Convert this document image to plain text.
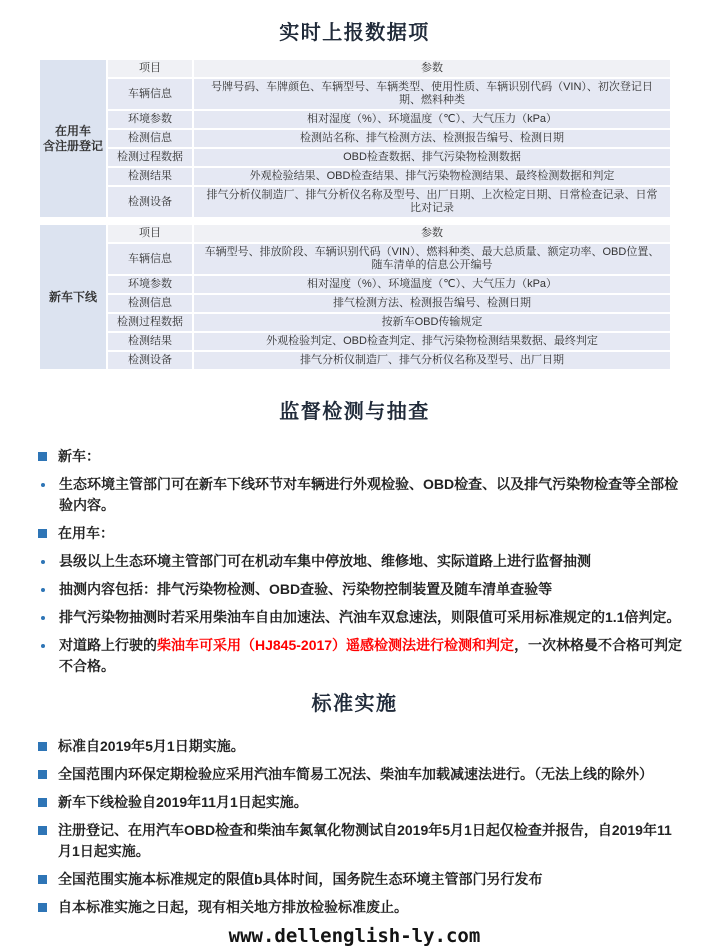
实时上报数据项
在用车
含注册登记	项目	参数
	车辆信息	号牌号码、车牌颜色、车辆型号、车辆类型、使用性质、车辆识别代码（VIN）、初次登记日期、燃料种类
	环境参数	相对湿度（%）、环境温度（℃）、大气压力（kPa）
	检测信息	检测站名称、排气检测方法、检测报告编号、检测日期
	检测过程数据	OBD检查数据、排气污染物检测数据
	检测结果	外观检验结果、OBD检查结果、排气污染物检测结果、最终检测数据和判定
	检测设备	排气分析仪制造厂、排气分析仪名称及型号、出厂日期、上次检定日期、日常检查记录、日常比对记录
新车下线	项目	参数
	车辆信息	车辆型号、排放阶段、车辆识别代码（VIN）、燃料种类、最大总质量、额定功率、OBD位置、随车清单的信息公开编号
	环境参数	相对湿度（%）、环境温度（℃）、大气压力（kPa）
	检测信息	排气检测方法、检测报告编号、检测日期
	检测过程数据	按新车OBD传输规定
	检测结果	外观检验判定、OBD检查判定、排气污染物检测结果数据、最终判定
	检测设备	排气分析仪制造厂、排气分析仪名称及型号、出厂日期
监督检测与抽查
新车：
生态环境主管部门可在新车下线环节对车辆进行外观检验、OBD检查、以及排气污染物检查等全部检验内容。
在用车：
县级以上生态环境主管部门可在机动车集中停放地、维修地、实际道路上进行监督抽测
抽测内容包括：排气污染物检测、OBD查验、污染物控制装置及随车清单查验等
排气污染物抽测时若采用柴油车自由加速法、汽油车双怠速法，则限值可采用标准规定的1.1倍判定。
对道路上行驶的柴油车可采用（HJ845-2017）遥感检测法进行检测和判定，一次林格曼不合格可判定不合格。
标准实施
标准自2019年5月1日期实施。
全国范围内环保定期检验应采用汽油车简易工况法、柴油车加载减速法进行。（无法上线的除外）
新车下线检验自2019年11月1日起实施。
注册登记、在用汽车OBD检查和柴油车氮氧化物测试自2019年5月1日起仅检查并报告，自2019年11月1日起实施。
全国范围实施本标准规定的限值b具体时间，国务院生态环境主管部门另行发布
自本标准实施之日起，现有相关地方排放检验标准废止。
www.dellenglish-ly.com
